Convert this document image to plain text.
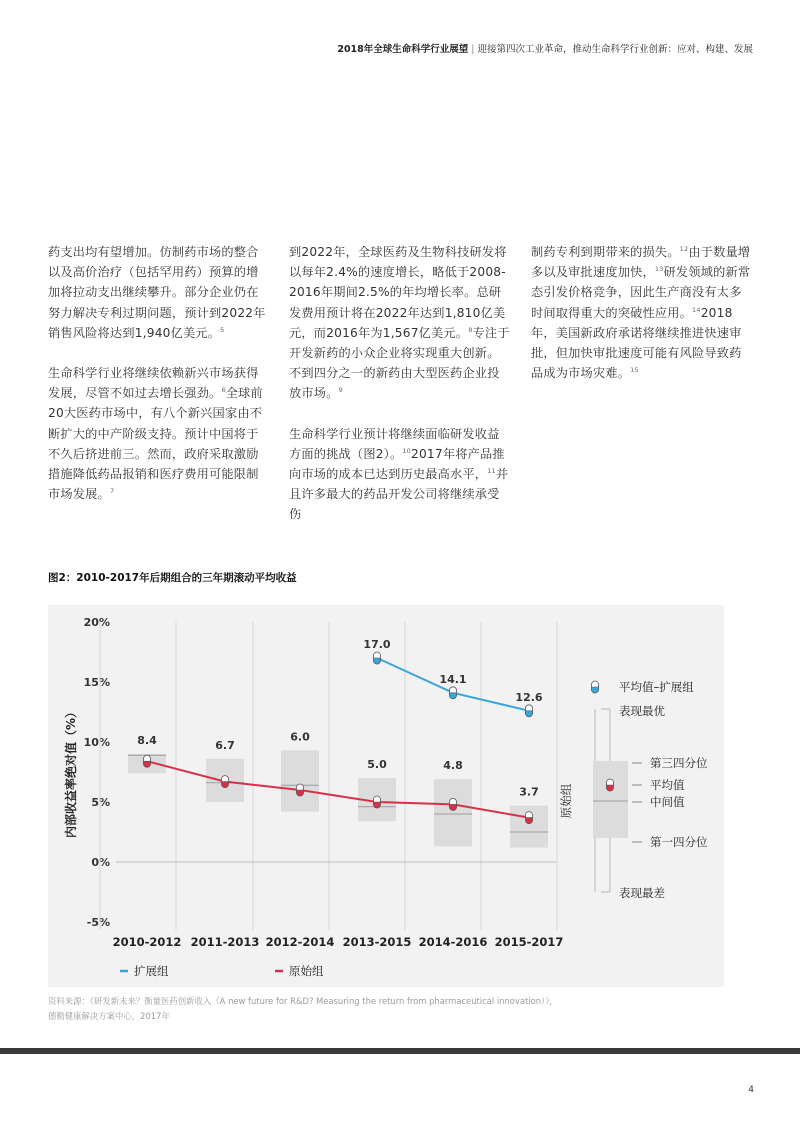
2018年全球生命科学行业展望 | 迎接第四次工业革命，推动生命科学行业创新：应对、构建、发展

药支出均有望增加。仿制药市场的整合以及高价治疗（包括罕用药）预算的增加将拉动支出继续攀升。部分企业仍在努力解决专利过期问题，预计到2022年销售风险将达到1,940亿美元。$^5$

生命科学行业将继续依赖新兴市场获得发展，尽管不如过去增长强劲。$^6$全球前20大医药市场中，有八个新兴国家由不断扩大的中产阶级支持。预计中国将于不久后挤进前三。然而，政府采取激励措施降低药品报销和医疗费用可能限制市场发展。$^7$

到2022年，全球医药及生物科技研发将以每年2.4%的速度增长，略低于2008-2016年期间2.5%的年均增长率。总研发费用预计将在2022年达到1,810亿美元，而2016年为1,567亿美元。$^8$专注于开发新药的小众企业将实现重大创新。不到四分之一的新药由大型医药企业投放市场。$^9$

生命科学行业预计将继续面临研发收益方面的挑战（图2）。$^{10}$2017年将产品推向市场的成本已达到历史最高水平，$^{11}$并且许多最大的药品开发公司将继续承受伤

制药专利到期带来的损失。$^{12}$由于数量增多以及审批速度加快，$^{13}$研发领域的新常态引发价格竞争，因此生产商没有太多时间取得重大的突破性应用。$^{14}$2018年，美国新政府承诺将继续推进快速审批，但加快审批速度可能有风险导致药品成为市场灾难。$^{15}$

图2：2010-2017年后期组合的三年期滚动平均收益
内部收益率绝对值（%）
20%
15%
10%
5%
0%
-5%
17.0
14.1
12.6
8.4	6.7
6.0
5.0	4.8
3.7
2010-2012 2011-2013 2012-2014 2013-2015 2014-2016 2015-2017
扩展组	原始组
平均值–扩展组
表现最优
表现最差
第三四分位
平均值
中间值
第一四分位
原始组
资料来源：《研发新未来？衡量医药创新收入（A new future for R&D? Measuring the return from pharmaceutical innovation）》，
德勤健康解决方案中心，2017年
4
